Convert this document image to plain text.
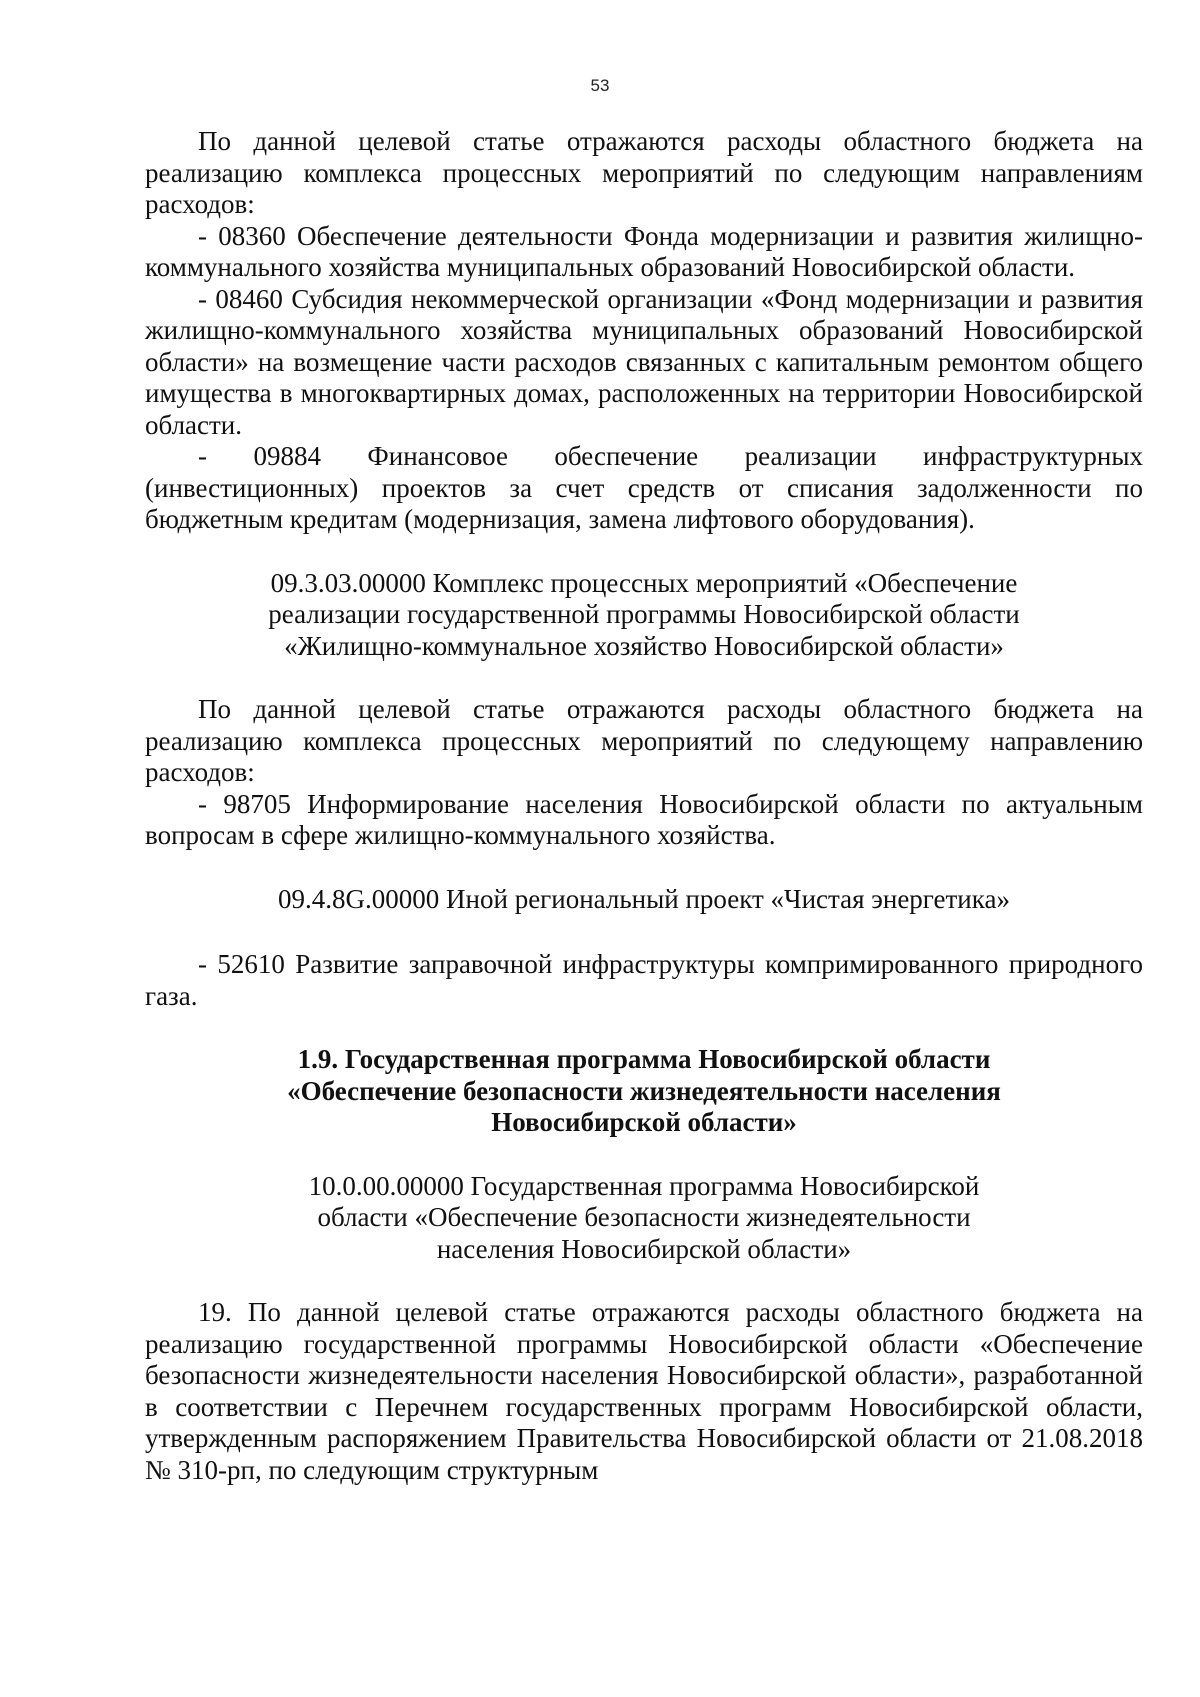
53

По данной целевой статье отражаются расходы областного бюджета на реализацию комплекса процессных мероприятий по следующим направлениям расходов:

- 08360 Обеспечение деятельности Фонда модернизации и развития жилищно-коммунального хозяйства муниципальных образований Новосибирской области.

- 08460 Субсидия некоммерческой организации «Фонд модернизации и развития жилищно-коммунального хозяйства муниципальных образований Новосибирской области» на возмещение части расходов связанных с капитальным ремонтом общего имущества в многоквартирных домах, расположенных на территории Новосибирской области.

- 09884 Финансовое обеспечение реализации инфраструктурных (инвестиционных) проектов за счет средств от списания задолженности по бюджетным кредитам (модернизация, замена лифтового оборудования).

09.3.03.00000 Комплекс процессных мероприятий «Обеспечение реализации государственной программы Новосибирской области «Жилищно-коммунальное хозяйство Новосибирской области»

По данной целевой статье отражаются расходы областного бюджета на реализацию комплекса процессных мероприятий по следующему направлению расходов:

- 98705 Информирование населения Новосибирской области по актуальным вопросам в сфере жилищно-коммунального хозяйства.

09.4.8G.00000 Иной региональный проект «Чистая энергетика»

- 52610 Развитие заправочной инфраструктуры компримированного природного газа.

1.9. Государственная программа Новосибирской области «Обеспечение безопасности жизнедеятельности населения Новосибирской области»

10.0.00.00000 Государственная программа Новосибирской области «Обеспечение безопасности жизнедеятельности населения Новосибирской области»

19. По данной целевой статье отражаются расходы областного бюджета на реализацию государственной программы Новосибирской области «Обеспечение безопасности жизнедеятельности населения Новосибирской области», разработанной в соответствии с Перечнем государственных программ Новосибирской области, утвержденным распоряжением Правительства Новосибирской области от 21.08.2018 № 310-рп, по следующим структурным
